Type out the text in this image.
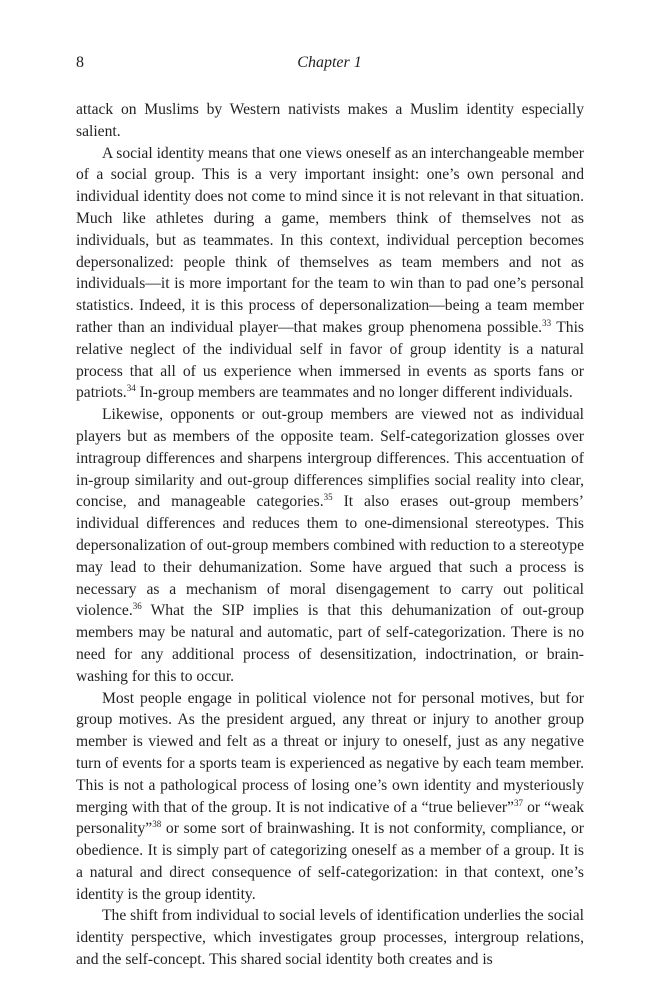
8	Chapter 1

attack on Muslims by Western nativists makes a Muslim identity especially salient.

A social identity means that one views oneself as an interchangeable member of a social group. This is a very important insight: one’s own personal and individual identity does not come to mind since it is not relevant in that situation. Much like athletes during a game, members think of themselves not as individuals, but as teammates. In this context, individual perception becomes depersonalized: people think of themselves as team members and not as individuals—it is more important for the team to win than to pad one’s personal statistics. Indeed, it is this process of depersonalization—being a team member rather than an individual player—that makes group phenomena possible.$^{33}$ This relative neglect of the individual self in favor of group identity is a natural process that all of us experience when immersed in events as sports fans or patriots.$^{34}$ In-group members are teammates and no longer different individuals.

Likewise, opponents or out-group members are viewed not as individual players but as members of the opposite team. Self-categorization glosses over intragroup differences and sharpens intergroup differences. This accentuation of in-group similarity and out-group differences simplifies social reality into clear, concise, and manageable categories.$^{35}$ It also erases out-group members’ individual differences and reduces them to one-dimensional stereotypes. This depersonalization of out-group members combined with reduction to a stereotype may lead to their dehumanization. Some have argued that such a process is necessary as a mechanism of moral disengagement to carry out political violence.$^{36}$ What the SIP implies is that this dehumanization of out-group members may be natural and automatic, part of self-categorization. There is no need for any additional process of desensitization, indoctrination, or brainwashing for this to occur.

Most people engage in political violence not for personal motives, but for group motives. As the president argued, any threat or injury to another group member is viewed and felt as a threat or injury to oneself, just as any negative turn of events for a sports team is experienced as negative by each team member. This is not a pathological process of losing one’s own identity and mysteriously merging with that of the group. It is not indicative of a “true believer”$^{37}$ or “weak personality”$^{38}$ or some sort of brainwashing. It is not conformity, compliance, or obedience. It is simply part of categorizing oneself as a member of a group. It is a natural and direct consequence of self-categorization: in that context, one’s identity is the group identity.

The shift from individual to social levels of identification underlies the social identity perspective, which investigates group processes, intergroup relations, and the self-concept. This shared social identity both creates and is
